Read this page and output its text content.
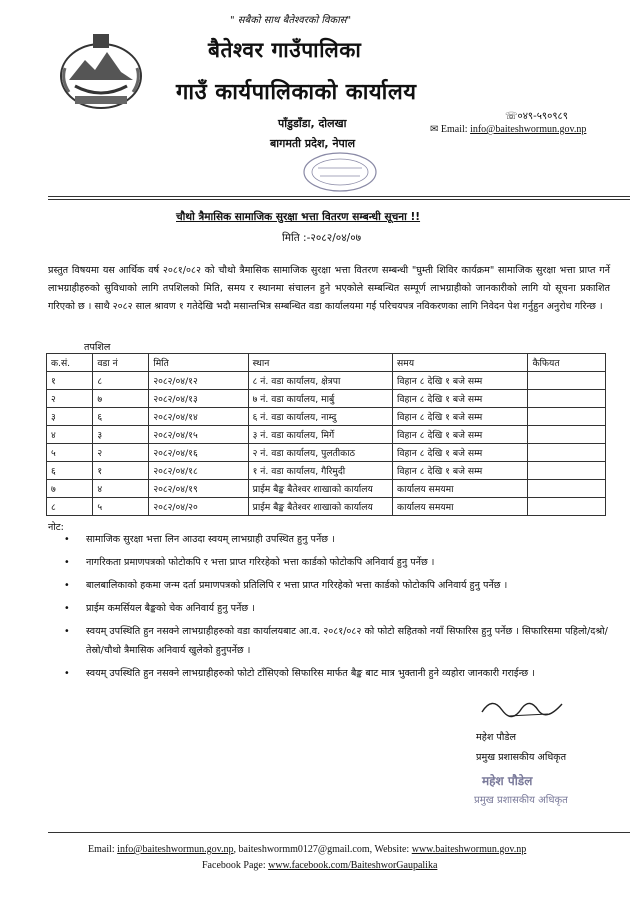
" सबैको साथ बैतेश्वरको विकास"
बैतेश्वर गाउँपालिका
गाउँ कार्यपालिकाको कार्यालय
☏०४९-५९०९८९
✉ Email: info@baiteshwormun.gov.np
पाँडुडाँडा, दोलखा
बागमती प्रदेश, नेपाल
चौथो त्रैमासिक सामाजिक सुरक्षा भत्ता वितरण सम्बन्धी सूचना !!
मिति :-२०८२/०४/०७
प्रस्तुत विषयमा यस आर्थिक वर्ष २०८१/०८२ को चौथो त्रैमासिक सामाजिक सुरक्षा भत्ता वितरण सम्बन्धी "घुम्ती शिविर कार्यक्रम" सामाजिक सुरक्षा भत्ता प्राप्त गर्ने लाभग्राहीहरुको सुविधाको लागि तपशिलको मिति, समय र स्थानमा संचालन हुने भएकोले सम्बन्धित सम्पूर्ण लाभग्राहीको जानकारीको लागि यो सूचना प्रकाशित गरिएको छ । साथै २०८२ साल श्रावण १ गतेदेखि भदौ मसान्तभित्र सम्बन्धित वडा कार्यालयमा गई परिचयपत्र नविकरणका लागि निवेदन पेश गर्नुहुन अनुरोध गरिन्छ ।
तपशिल
क.सं.	वडा नं	मिति	स्थान	समय	कैफियत
१	८	२०८२/०४/१२	८ नं. वडा कार्यालय, क्षेत्रपा	विहान ८ देखि १ बजे सम्म	
२	७	२०८२/०४/१३	७ नं. वडा कार्यालय, मार्बु	विहान ८ देखि १ बजे सम्म	
३	६	२०८२/०४/१४	६ नं. वडा कार्यालय, नाम्दु	विहान ८ देखि १ बजे सम्म	
४	३	२०८२/०४/१५	३ नं. वडा कार्यालय, मिर्गे	विहान ८ देखि १ बजे सम्म	
५	२	२०८२/०४/१६	२ नं. वडा कार्यालय, पुलतीकाठ	विहान ८ देखि १ बजे सम्म	
६	१	२०८२/०४/१८	१ नं. वडा कार्यालय, गैरिमुदी	विहान ८ देखि १ बजे सम्म	
७	४	२०८२/०४/१९	प्राईम बैङ्क बैतेश्वर शाखाको कार्यालय	कार्यालय समयमा	
८	५	२०८२/०४/२०	प्राईम बैङ्क बैतेश्वर शाखाको कार्यालय	कार्यालय समयमा	
नोट:
• सामाजिक सुरक्षा भत्ता लिन आउदा स्वयम् लाभग्राही उपस्थित हुनु पर्नेछ ।
• नागरिकता प्रमाणपत्रको फोटोकपि र भत्ता प्राप्त गरिरहेको भत्ता कार्डको फोटोकपि अनिवार्य हुनु पर्नेछ ।
• बालबालिकाको हकमा जन्म दर्ता प्रमाणपत्रको प्रतिलिपि र भत्ता प्राप्त गरिरहेको भत्ता कार्डको फोटोकपि अनिवार्य हुनु पर्नेछ ।
• प्राईम कमर्सियल बैङ्कको चेक अनिवार्य हुनु पर्नेछ ।
• स्वयम् उपस्थिति हुन नसक्ने लाभग्राहीहरुको वडा कार्यालयबाट आ.व. २०८१/०८२ को फोटो सहितको नयाँ सिफारिस हुनु पर्नेछ । सिफारिसमा पहिलो/दश्रो/तेस्रो/चौथो त्रैमासिक अनिवार्य खुलेको हुनुपर्नेछ ।
• स्वयम् उपस्थिति हुन नसक्ने लाभग्राहीहरुको फोटो टाँसिएको सिफारिस मार्फत बैङ्क बाट मात्र भुक्तानी हुने व्यहोरा जानकारी गराईन्छ ।
महेश पौडेल
प्रमुख प्रशासकीय अधिकृत
महेश पौडेल
प्रमुख प्रशासकीय अधिकृत
Email: info@baiteshwormun.gov.np, baiteshwormm0127@gmail.com, Website: www.baiteshwormun.gov.np
Facebook Page: www.facebook.com/BaiteshworGaupalika
